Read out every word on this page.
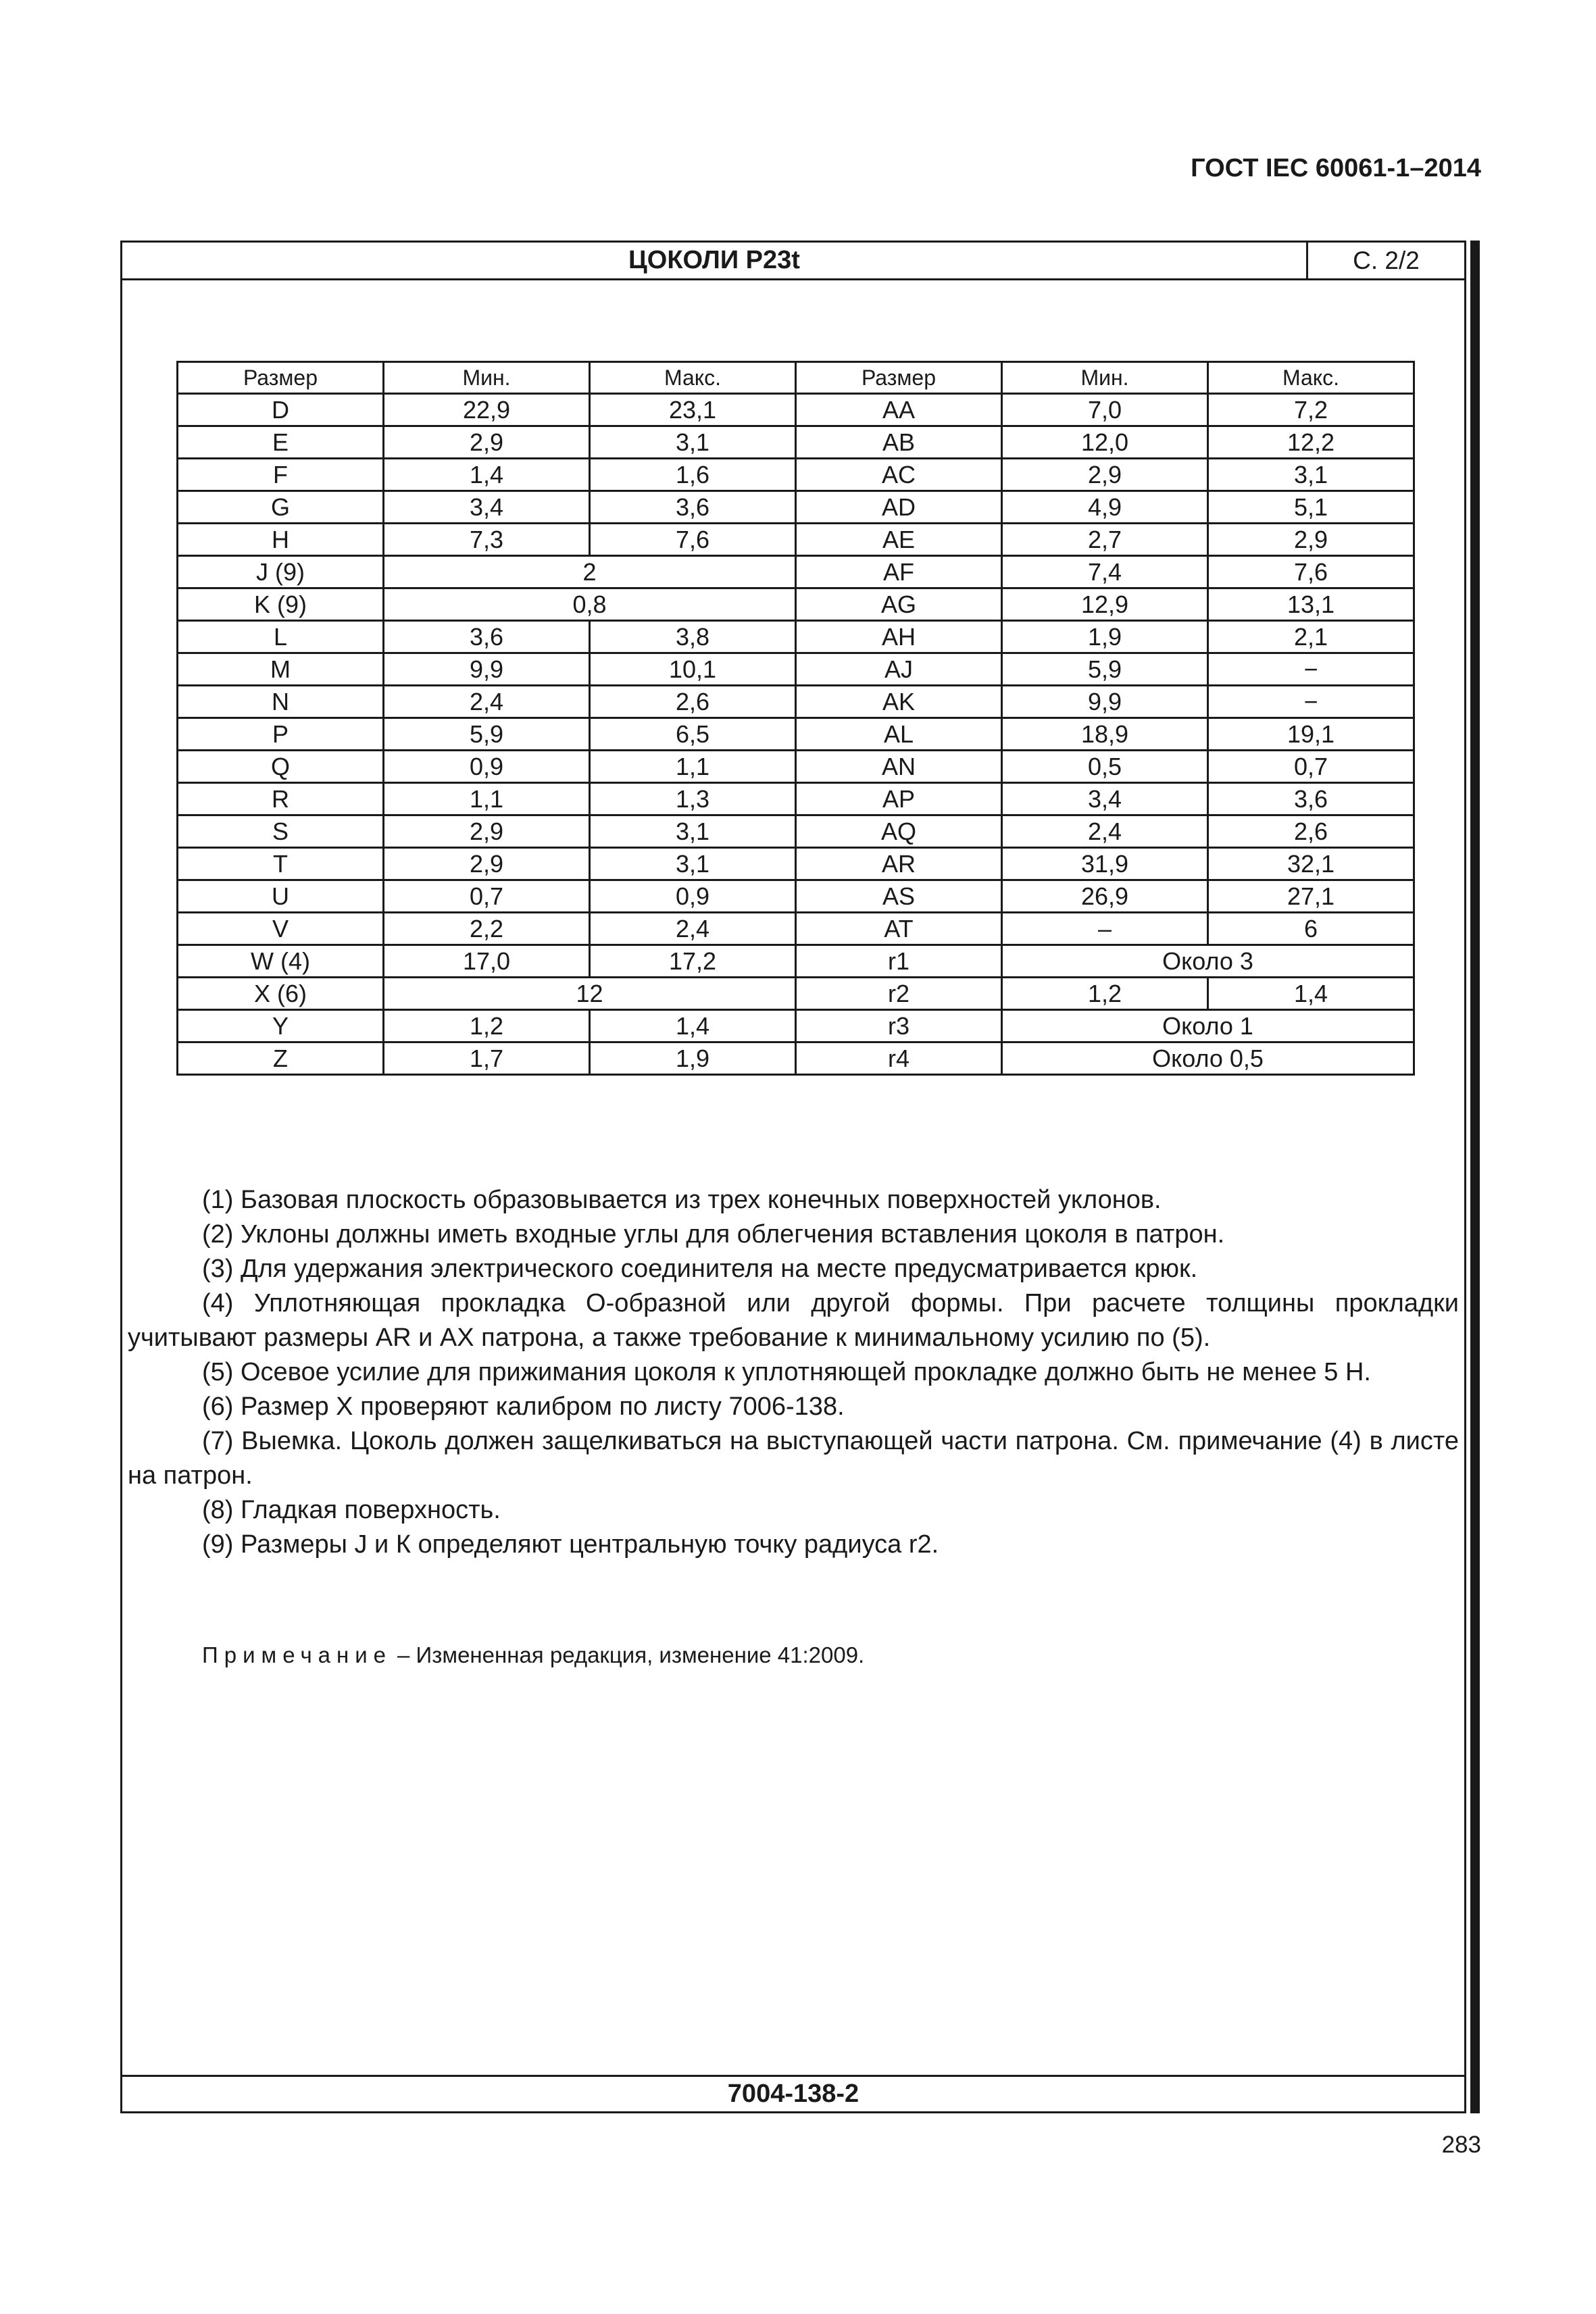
ГОСТ IEC 60061-1–2014
ЦОКОЛИ P23t	С. 2/2
Размер	Мин.	Макс.	Размер	Мин.	Макс.
D	22,9	23,1	AA	7,0	7,2
E	2,9	3,1	AB	12,0	12,2
F	1,4	1,6	AC	2,9	3,1
G	3,4	3,6	AD	4,9	5,1
H	7,3	7,6	AE	2,7	2,9
J (9)	2		AF	7,4	7,6
K (9)	0,8		AG	12,9	13,1
L	3,6	3,8	AH	1,9	2,1
M	9,9	10,1	AJ	5,9	−
N	2,4	2,6	AK	9,9	−
P	5,9	6,5	AL	18,9	19,1
Q	0,9	1,1	AN	0,5	0,7
R	1,1	1,3	AP	3,4	3,6
S	2,9	3,1	AQ	2,4	2,6
T	2,9	3,1	AR	31,9	32,1
U	0,7	0,9	AS	26,9	27,1
V	2,2	2,4	AT	–	6
W (4)	17,0	17,2	r1	Около 3	
X (6)	12		r2	1,2	1,4
Y	1,2	1,4	r3	Около 1	
Z	1,7	1,9	r4	Около 0,5	

(1) Базовая плоскость образовывается из трех конечных поверхностей уклонов.

(2) Уклоны должны иметь входные углы для облегчения вставления цоколя в патрон.

(3) Для удержания электрического соединителя на месте предусматривается крюк.

(4) Уплотняющая прокладка О-образной или другой формы. При расчете толщины прокладки учитывают размеры AR и AX патрона, а также требование к минимальному усилию по (5).

(5) Осевое усилие для прижимания цоколя к уплотняющей прокладке должно быть не менее 5 Н.

(6) Размер X проверяют калибром по листу 7006-138.

(7) Выемка. Цоколь должен защелкиваться на выступающей части патрона. См. примечание (4) в листе на патрон.

(8) Гладкая поверхность.

(9) Размеры J и К определяют центральную точку радиуса r2.

Примечание – Измененная редакция, изменение 41:2009.
7004-138-2
283
